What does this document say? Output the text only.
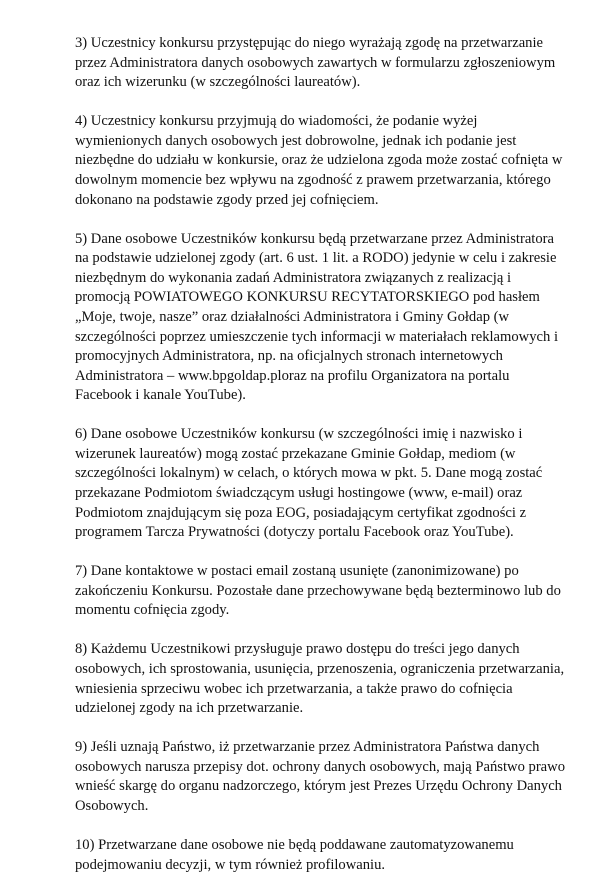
3) Uczestnicy konkursu przystępując do niego wyrażają zgodę na przetwarzanie przez Administratora danych osobowych zawartych w formularzu zgłoszeniowym oraz ich wizerunku (w szczególności laureatów).

4) Uczestnicy konkursu przyjmują do wiadomości, że podanie wyżej wymienionych danych osobowych jest dobrowolne, jednak ich podanie jest niezbędne do udziału w konkursie, oraz że udzielona zgoda może zostać cofnięta w dowolnym momencie bez wpływu na zgodność z prawem przetwarzania, którego dokonano na podstawie zgody przed jej cofnięciem.

5) Dane osobowe Uczestników konkursu będą przetwarzane przez Administratora na podstawie udzielonej zgody (art. 6 ust. 1 lit. a RODO) jedynie w celu i zakresie niezbędnym do wykonania zadań Administratora związanych z realizacją i promocją POWIATOWEGO KONKURSU RECYTATORSKIEGO pod hasłem „Moje, twoje, nasze” oraz działalności Administratora i Gminy Gołdap (w szczególności poprzez umieszczenie tych informacji w materiałach reklamowych i promocyjnych Administratora, np. na oficjalnych stronach internetowych Administratora – www.bpgoldap.ploraz na profilu Organizatora na portalu Facebook i kanale YouTube).

6) Dane osobowe Uczestników konkursu (w szczególności imię i nazwisko i wizerunek laureatów) mogą zostać przekazane Gminie Gołdap, mediom (w szczególności lokalnym) w celach, o których mowa w pkt. 5. Dane mogą zostać przekazane Podmiotom świadczącym usługi hostingowe (www, e-mail) oraz Podmiotom znajdującym się poza EOG, posiadającym certyfikat zgodności z programem Tarcza Prywatności (dotyczy portalu Facebook oraz YouTube).

7) Dane kontaktowe w postaci email zostaną usunięte (zanonimizowane) po zakończeniu Konkursu. Pozostałe dane przechowywane będą bezterminowo lub do momentu cofnięcia zgody.

8) Każdemu Uczestnikowi przysługuje prawo dostępu do treści jego danych osobowych, ich sprostowania, usunięcia, przenoszenia, ograniczenia przetwarzania, wniesienia sprzeciwu wobec ich przetwarzania, a także prawo do cofnięcia udzielonej zgody na ich przetwarzanie.

9) Jeśli uznają Państwo, iż przetwarzanie przez Administratora Państwa danych osobowych narusza przepisy dot. ochrony danych osobowych, mają Państwo prawo wnieść skargę do organu nadzorczego, którym jest Prezes Urzędu Ochrony Danych Osobowych.

10) Przetwarzane dane osobowe nie będą poddawane zautomatyzowanemu podejmowaniu decyzji, w tym również profilowaniu.
